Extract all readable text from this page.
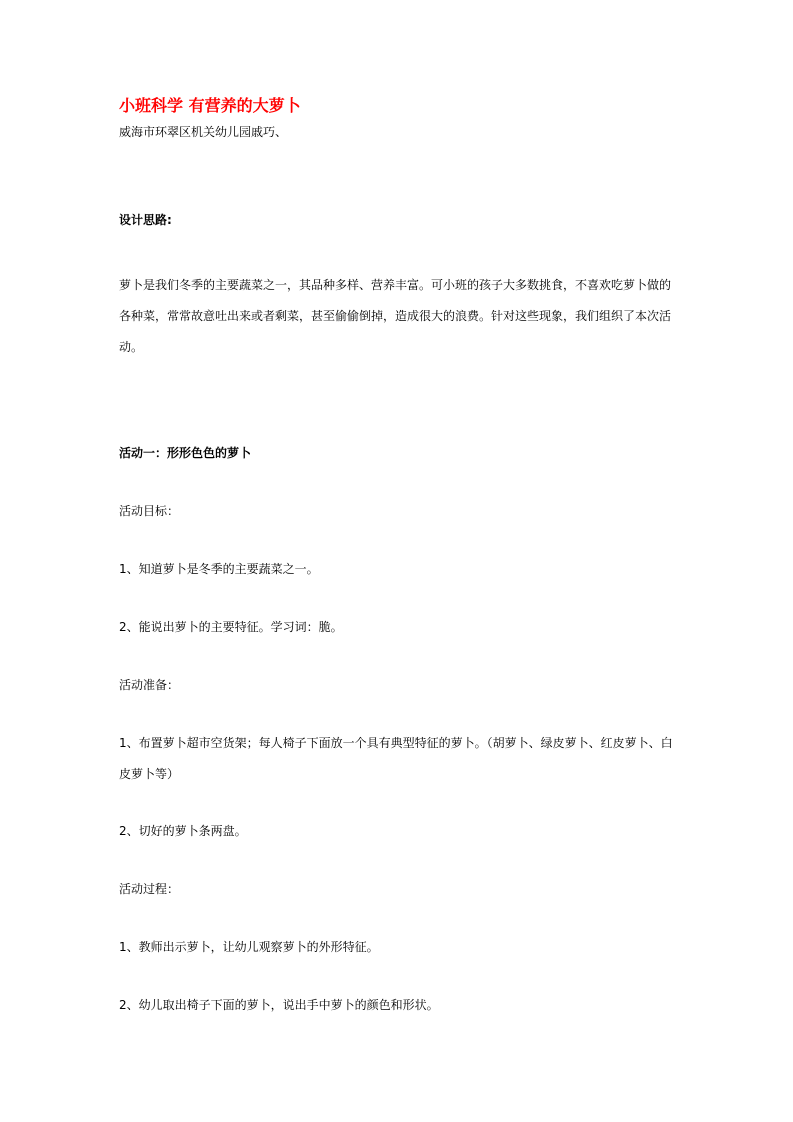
小班科学 有营养的大萝卜

威海市环翠区机关幼儿园戚巧、

设计思路:

萝卜是我们冬季的主要蔬菜之一，其品种多样、营养丰富。可小班的孩子大多数挑食，不喜欢吃萝卜做的
各种菜，常常故意吐出来或者剩菜，甚至偷偷倒掉，造成很大的浪费。针对这些现象，我们组织了本次活
动。

活动一：形形色色的萝卜

活动目标：

1、知道萝卜是冬季的主要蔬菜之一。

2、能说出萝卜的主要特征。学习词：脆。

活动准备：

1、布置萝卜超市空货架；每人椅子下面放一个具有典型特征的萝卜。（胡萝卜、绿皮萝卜、红皮萝卜、白

皮萝卜等）

2、切好的萝卜条两盘。

活动过程：

1、教师出示萝卜，让幼儿观察萝卜的外形特征。

2、幼儿取出椅子下面的萝卜，说出手中萝卜的颜色和形状。
